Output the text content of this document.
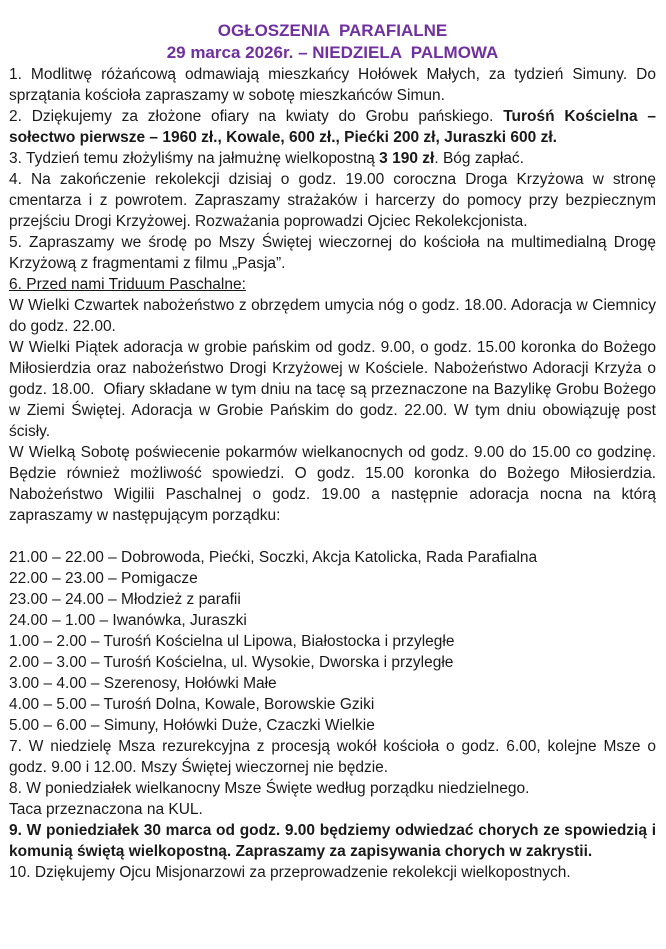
OGŁOSZENIA  PARAFIALNE
29 marca 2026r. – NIEDZIELA  PALMOWA

1. Modlitwę różańcową odmawiają mieszkańcy Hołówek Małych, za tydzień Simuny. Do sprzątania kościoła zapraszamy w sobotę mieszkańców Simun.

2. Dziękujemy za złożone ofiary na kwiaty do Grobu pańskiego. Turośń Kościelna – sołectwo pierwsze – 1960 zł., Kowale, 600 zł., Piećki 200 zł, Juraszki 600 zł.

3. Tydzień temu złożyliśmy na jałmużnę wielkopostną 3 190 zł. Bóg zapłać.

4. Na zakończenie rekolekcji dzisiaj o godz. 19.00 coroczna Droga Krzyżowa w stronę cmentarza i z powrotem. Zapraszamy strażaków i harcerzy do pomocy przy bezpiecznym przejściu Drogi Krzyżowej. Rozważania poprowadzi Ojciec Rekolekcjonista.

5. Zapraszamy we środę po Mszy Świętej wieczornej do kościoła na multimedialną Drogę Krzyżową z fragmentami z filmu „Pasja”.

6. Przed nami Triduum Paschalne:

W Wielki Czwartek nabożeństwo z obrzędem umycia nóg o godz. 18.00. Adoracja w Ciemnicy do godz. 22.00.

W Wielki Piątek adoracja w grobie pańskim od godz. 9.00, o godz. 15.00 koronka do Bożego Miłosierdzia oraz nabożeństwo Drogi Krzyżowej w Kościele. Nabożeństwo Adoracji Krzyża o godz. 18.00.  Ofiary składane w tym dniu na tacę są przeznaczone na Bazylikę Grobu Bożego w Ziemi Świętej. Adoracja w Grobie Pańskim do godz. 22.00. W tym dniu obowiązuję post ścisły.

W Wielką Sobotę poświecenie pokarmów wielkanocnych od godz. 9.00 do 15.00 co godzinę. Będzie również możliwość spowiedzi. O godz. 15.00 koronka do Bożego Miłosierdzia. Nabożeństwo Wigilii Paschalnej o godz. 19.00 a następnie adoracja nocna na którą zapraszamy w następującym porządku:

21.00 – 22.00 – Dobrowoda, Piećki, Soczki, Akcja Katolicka, Rada Parafialna
22.00 – 23.00 – Pomigacze
23.00 – 24.00 – Młodzież z parafii
24.00 – 1.00 – Iwanówka, Juraszki
1.00 – 2.00 – Turośń Kościelna ul Lipowa, Białostocka i przyległe
2.00 – 3.00 – Turośń Kościelna, ul. Wysokie, Dworska i przyległe
3.00 – 4.00 – Szerenosy, Hołówki Małe
4.00 – 5.00 – Turośń Dolna, Kowale, Borowskie Gziki
5.00 – 6.00 – Simuny, Hołówki Duże, Czaczki Wielkie

7. W niedzielę Msza rezurekcyjna z procesją wokół kościoła o godz. 6.00, kolejne Msze o godz. 9.00 i 12.00. Mszy Świętej wieczornej nie będzie.

8. W poniedziałek wielkanocny Msze Święte według porządku niedzielnego.

Taca przeznaczona na KUL.

9. W poniedziałek 30 marca od godz. 9.00 będziemy odwiedzać chorych ze spowiedzią i komunią świętą wielkopostną. Zapraszamy za zapisywania chorych w zakrystii.

10. Dziękujemy Ojcu Misjonarzowi za przeprowadzenie rekolekcji wielkopostnych.
